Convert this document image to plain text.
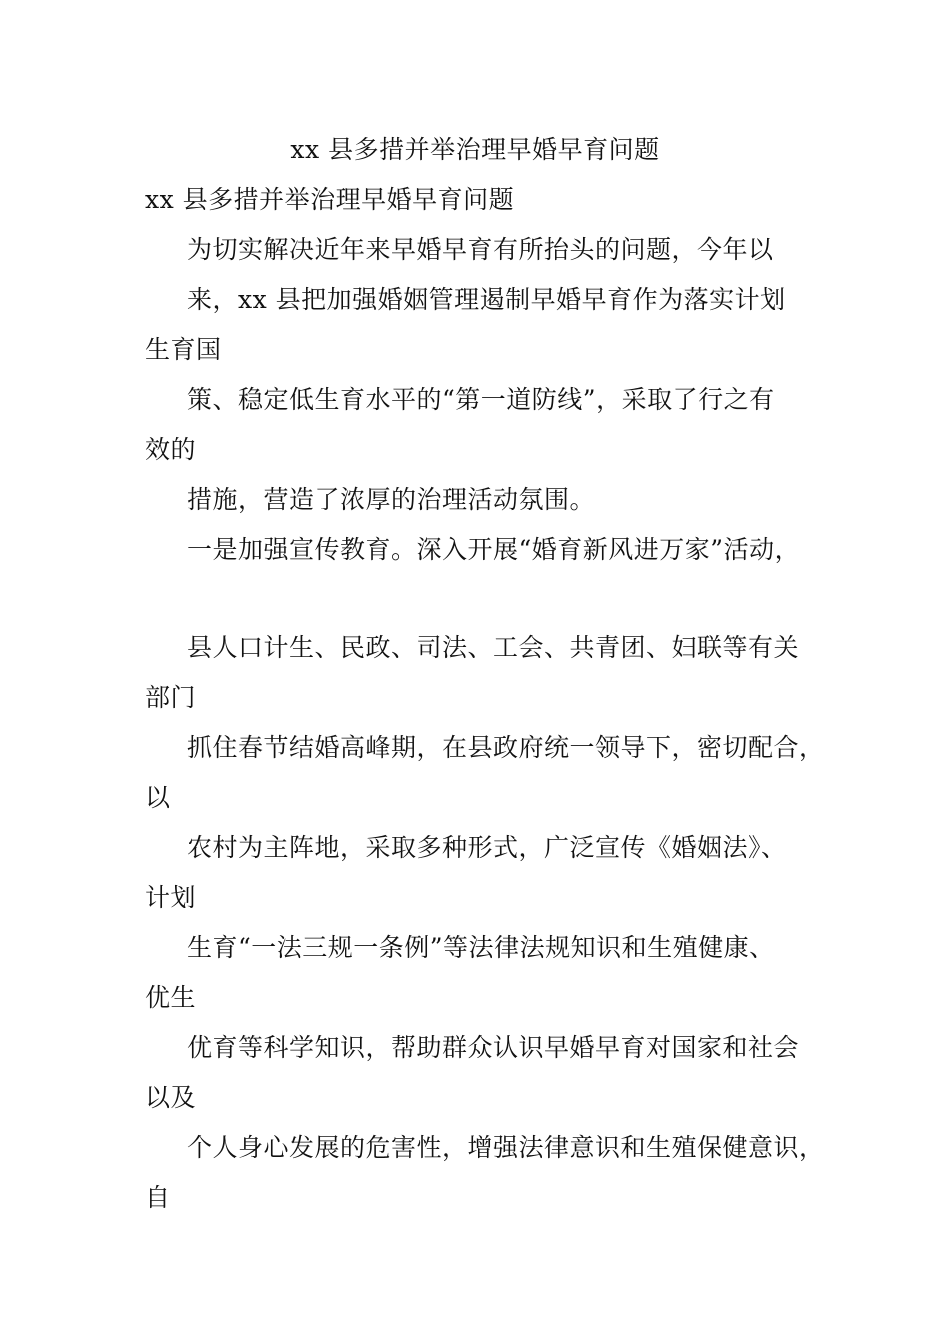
xx 县多措并举治理早婚早育问题
xx 县多措并举治理早婚早育问题
为切实解决近年来早婚早育有所抬头的问题，今年以
来，xx 县把加强婚姻管理遏制早婚早育作为落实计划
生育国
策、稳定低生育水平的“第一道防线”，采取了行之有
效的
措施，营造了浓厚的治理活动氛围。
一是加强宣传教育。深入开展“婚育新风进万家”活动，
县人口计生、民政、司法、工会、共青团、妇联等有关
部门
抓住春节结婚高峰期，在县政府统一领导下，密切配合，
以
农村为主阵地，采取多种形式，广泛宣传《婚姻法》、
计划
生育“一法三规一条例”等法律法规知识和生殖健康、
优生
优育等科学知识，帮助群众认识早婚早育对国家和社会
以及
个人身心发展的危害性，增强法律意识和生殖保健意识，
自
